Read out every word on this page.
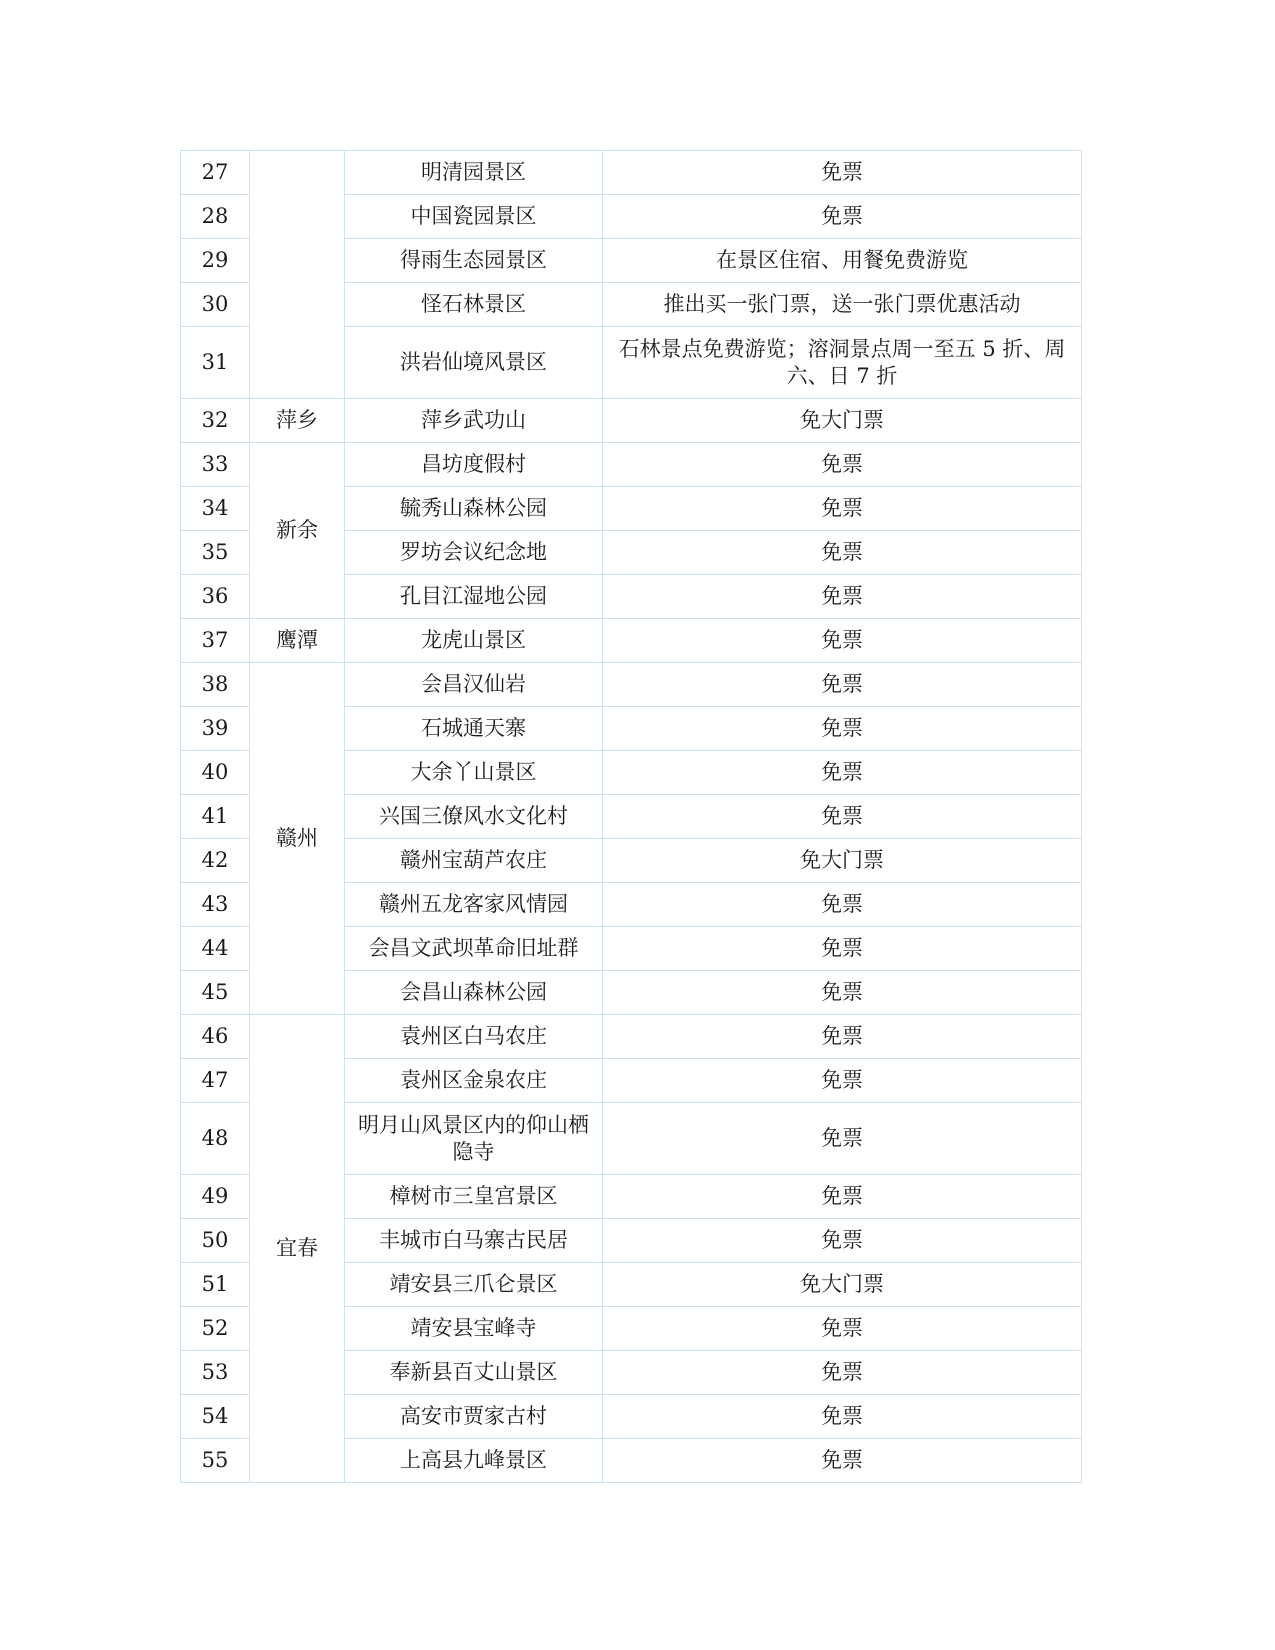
27		明清园景区	免票
28		中国瓷园景区	免票
29		得雨生态园景区	在景区住宿、用餐免费游览
30		怪石林景区	推出买一张门票，送一张门票优惠活动
31		洪岩仙境风景区	石林景点免费游览；溶洞景点周一至五 5 折、周六、日 7 折
32	萍乡	萍乡武功山	免大门票
33	新余	昌坊度假村	免票
34		毓秀山森林公园	免票
35		罗坊会议纪念地	免票
36		孔目江湿地公园	免票
37	鹰潭	龙虎山景区	免票
38	赣州	会昌汉仙岩	免票
39		石城通天寨	免票
40		大余丫山景区	免票
41		兴国三僚风水文化村	免票
42		赣州宝葫芦农庄	免大门票
43		赣州五龙客家风情园	免票
44		会昌文武坝革命旧址群	免票
45		会昌山森林公园	免票
46	宜春	袁州区白马农庄	免票
47		袁州区金泉农庄	免票
48		明月山风景区内的仰山栖隐寺	免票
49		樟树市三皇宫景区	免票
50		丰城市白马寨古民居	免票
51		靖安县三爪仑景区	免大门票
52		靖安县宝峰寺	免票
53		奉新县百丈山景区	免票
54		高安市贾家古村	免票
55		上高县九峰景区	免票
